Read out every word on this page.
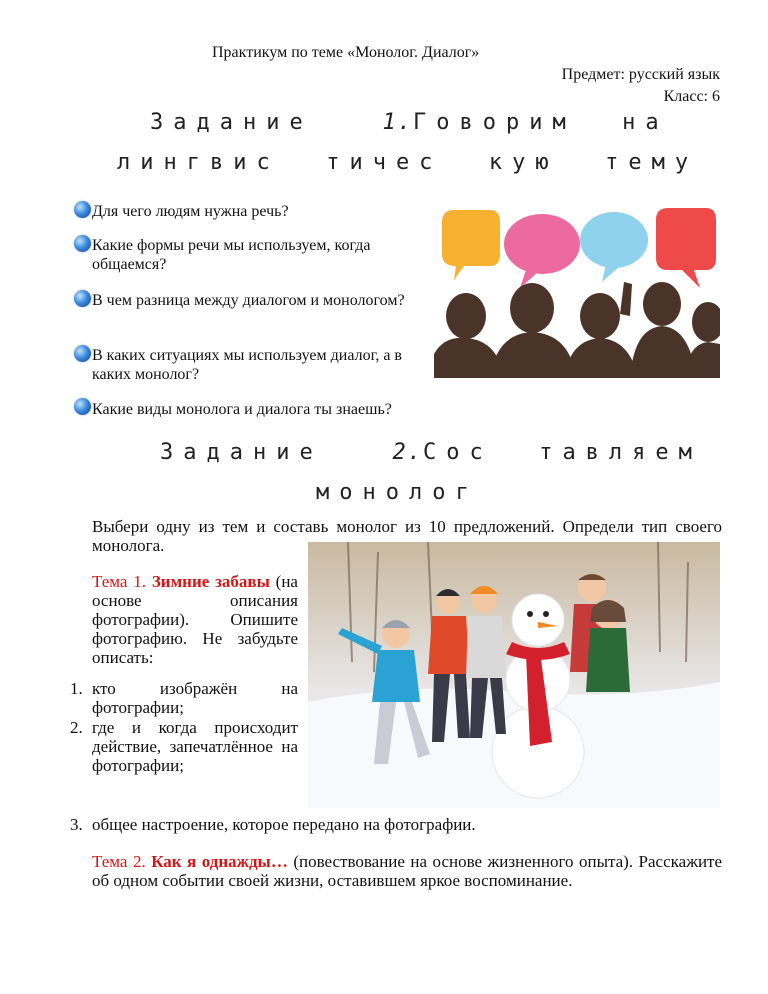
Практикум по теме «Монолог. Диалог»
Предмет: русский язык
Класс: 6
Задание	1.Говорим  на
лингвис  тичес  кую  тему
Для чего людям нужна речь?
Какие формы речи мы используем, когда общаемся?
В чем разница между диалогом и монологом?
В каких ситуациях мы используем диалог, а в каких монолог?
Какие виды монолога и диалога ты знаешь?
Задание	2.Сос  тавляем
монолог
Выбери одну из тем и составь монолог из 10 предложений. Определи тип своего монолога.
Тема 1. Зимние забавы (на основе описания фотографии). Опишите фотографию. Не забудьте описать:
1. кто изображён на фотографии;
2. где и когда происходит действие, запечатлённое на фотографии;
3. общее настроение, которое передано на фотографии.
Тема 2. Как я однажды… (повествование на основе жизненного опыта). Расскажите об одном событии своей жизни, оставившем яркое воспоминание.
